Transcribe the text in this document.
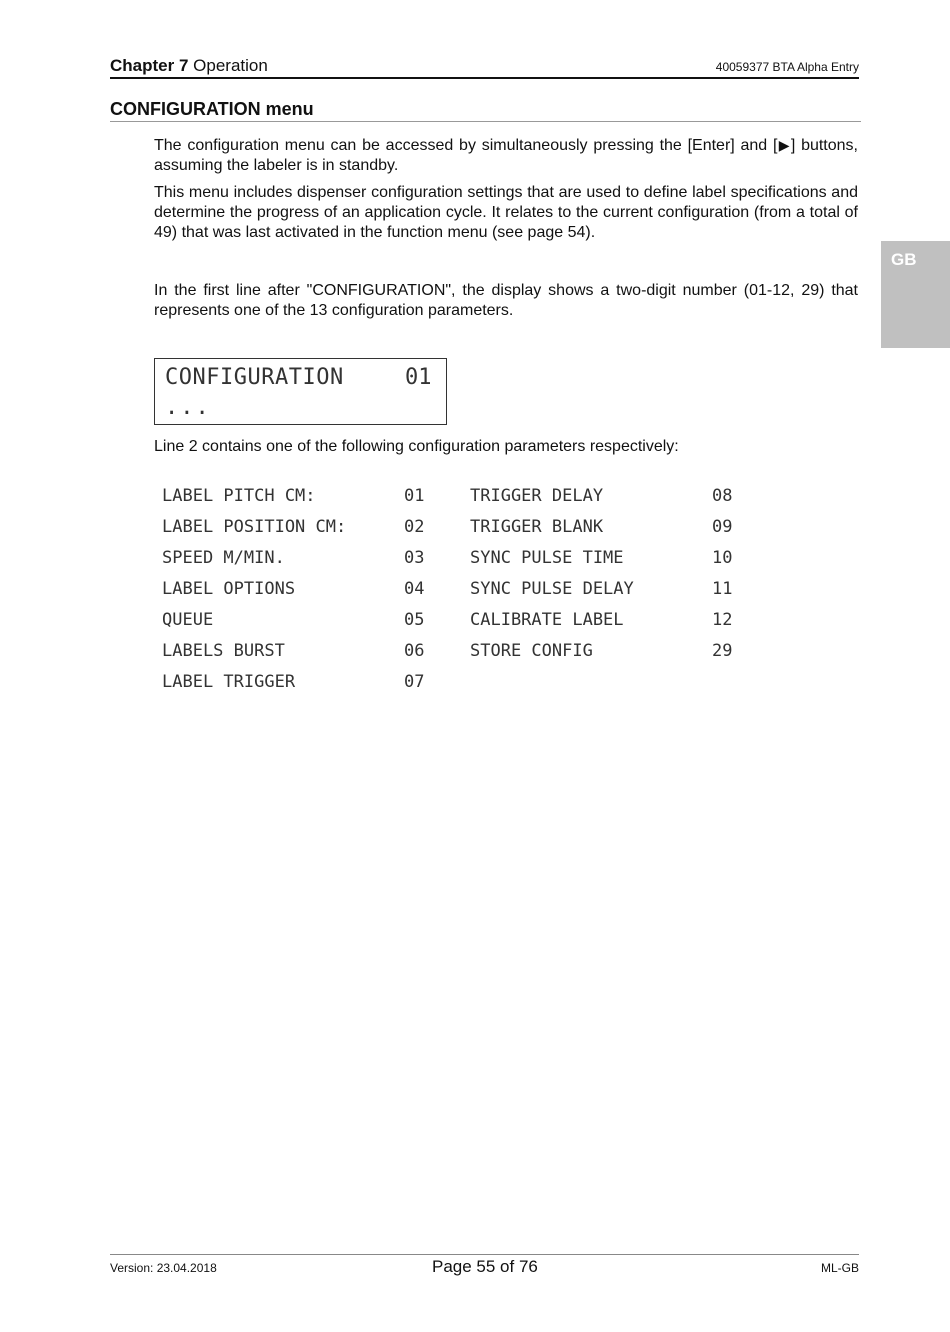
Chapter 7 Operation	40059377 BTA Alpha Entry
CONFIGURATION menu

The configuration menu can be accessed by simultaneously pressing the [Enter] and [▶] buttons, assuming the labeler is in standby.

This menu includes dispenser configuration settings that are used to define label specifications and determine the progress of an application cycle. It relates to the current configuration (from a total of 49) that was last activated in the function menu (see page 54).

GB

In the first line after "CONFIGURATION", the display shows a two-digit number (01-12, 29) that represents one of the 13 configuration parameters.

CONFIGURATION	01
...

Line 2 contains one of the following configuration parameters respectively:

LABEL PITCH CM:	01
LABEL POSITION CM:	02
SPEED M/MIN.	03
LABEL OPTIONS	04
QUEUE	05
LABELS BURST	06
LABEL TRIGGER	07
TRIGGER DELAY	08
TRIGGER BLANK	09
SYNC PULSE TIME	10
SYNC PULSE DELAY	11
CALIBRATE LABEL	12
STORE CONFIG	29
Version: 23.04.2018	Page 55 of 76	ML-GB
